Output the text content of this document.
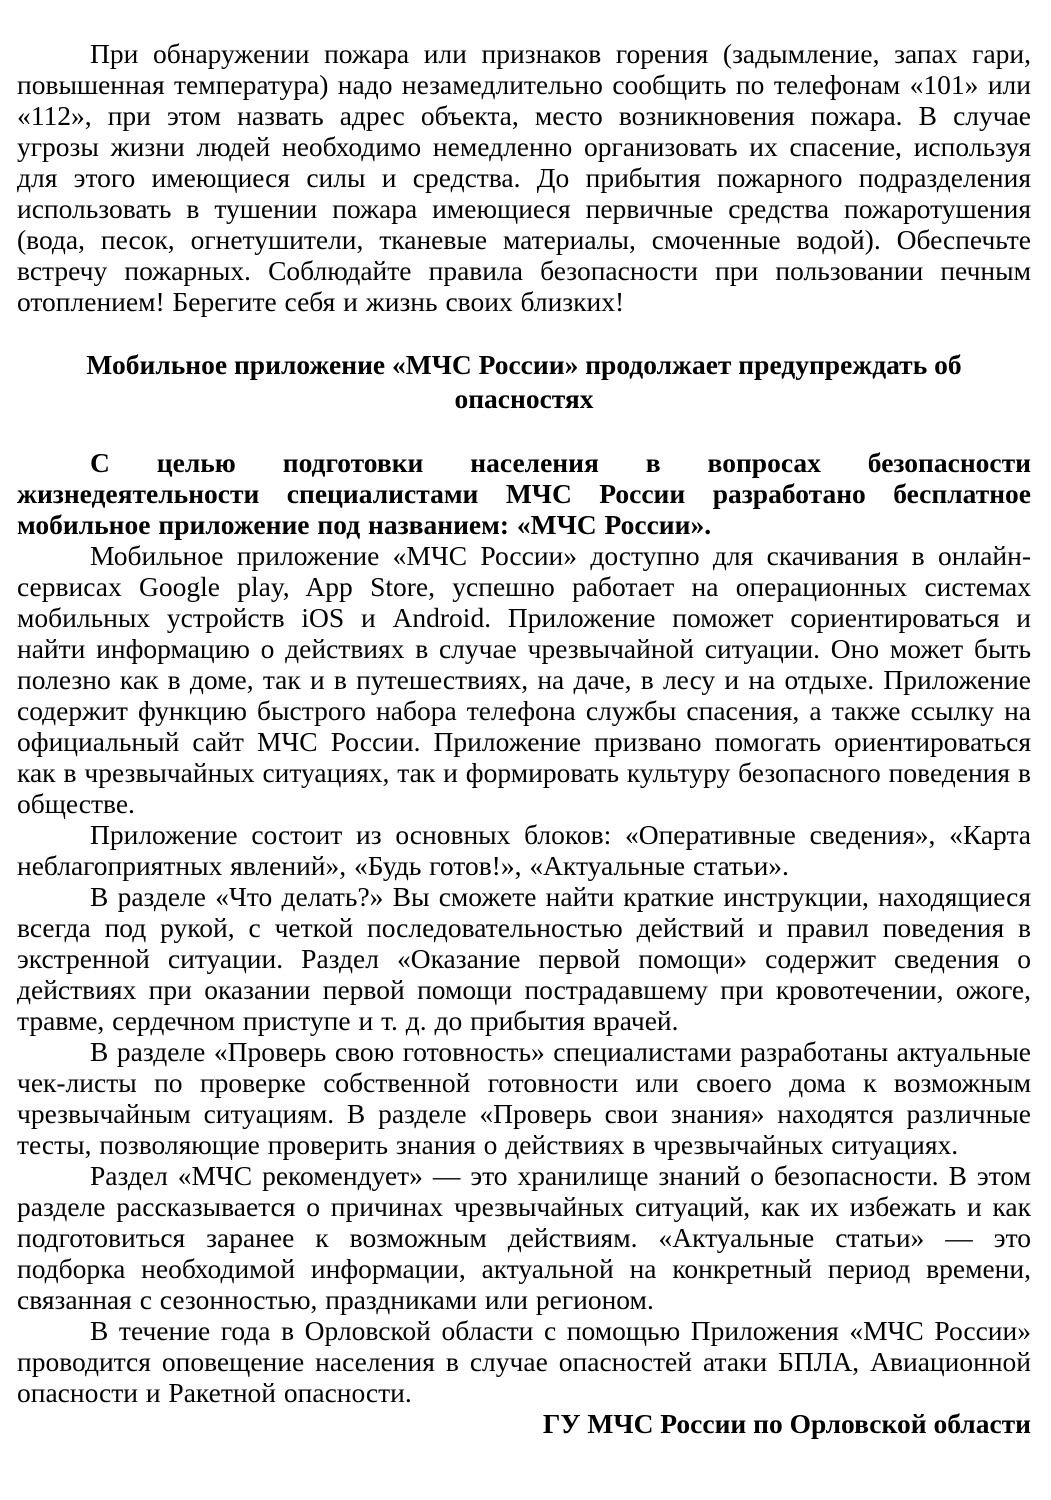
При обнаружении пожара или признаков горения (задымление, запах гари, повышенная температура) надо незамедлительно сообщить по телефонам «101» или «112», при этом назвать адрес объекта, место возникновения пожара. В случае угрозы жизни людей необходимо немедленно организовать их спасение, используя для этого имеющиеся силы и средства. До прибытия пожарного подразделения использовать в тушении пожара имеющиеся первичные средства пожаротушения (вода, песок, огнетушители, тканевые материалы, смоченные водой). Обеспечьте встречу пожарных. Соблюдайте правила безопасности при пользовании печным отоплением! Берегите себя и жизнь своих близких!

Мобильное приложение «МЧС России» продолжает предупреждать об опасностях

С целью подготовки населения в вопросах безопасности жизнедеятельности специалистами МЧС России разработано бесплатное мобильное приложение под названием: «МЧС России».

Мобильное приложение «МЧС России» доступно для скачивания в онлайн-сервисах Google play, App Store, успешно работает на операционных системах мобильных устройств iOS и Android. Приложение поможет сориентироваться и найти информацию о действиях в случае чрезвычайной ситуации. Оно может быть полезно как в доме, так и в путешествиях, на даче, в лесу и на отдыхе. Приложение содержит функцию быстрого набора телефона службы спасения, а также ссылку на официальный сайт МЧС России. Приложение призвано помогать ориентироваться как в чрезвычайных ситуациях, так и формировать культуру безопасного поведения в обществе.

Приложение состоит из основных блоков: «Оперативные сведения», «Карта неблагоприятных явлений», «Будь готов!», «Актуальные статьи».

В разделе «Что делать?» Вы сможете найти краткие инструкции, находящиеся всегда под рукой, с четкой последовательностью действий и правил поведения в экстренной ситуации. Раздел «Оказание первой помощи» содержит сведения о действиях при оказании первой помощи пострадавшему при кровотечении, ожоге, травме, сердечном приступе и т. д. до прибытия врачей.

В разделе «Проверь свою готовность» специалистами разработаны актуальные чек-листы по проверке собственной готовности или своего дома к возможным чрезвычайным ситуациям. В разделе «Проверь свои знания» находятся различные тесты, позволяющие проверить знания о действиях в чрезвычайных ситуациях.

Раздел «МЧС рекомендует» — это хранилище знаний о безопасности. В этом разделе рассказывается о причинах чрезвычайных ситуаций, как их избежать и как подготовиться заранее к возможным действиям. «Актуальные статьи» — это подборка необходимой информации, актуальной на конкретный период времени, связанная с сезонностью, праздниками или регионом.

В течение года в Орловской области с помощью Приложения «МЧС России» проводится оповещение населения в случае опасностей атаки БПЛА, Авиационной опасности и Ракетной опасности.

ГУ МЧС России по Орловской области
